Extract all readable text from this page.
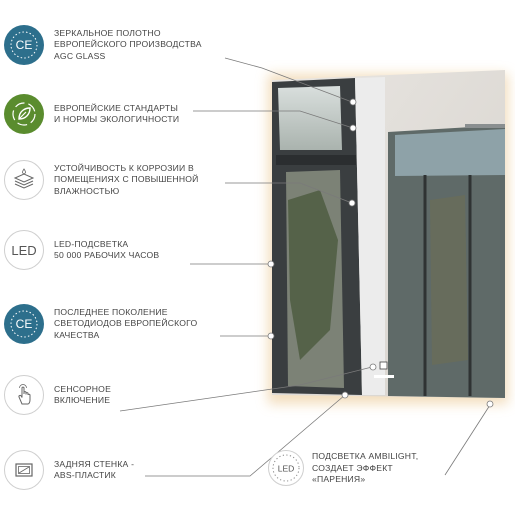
CE
ЗЕРКАЛЬНОЕ ПОЛОТНО
ЕВРОПЕЙСКОГО ПРОИЗВОДСТВА
AGC GLASS
ЕВРОПЕЙСКИЕ СТАНДАРТЫ
И НОРМЫ ЭКОЛОГИЧНОСТИ
УСТОЙЧИВОСТЬ К КОРРОЗИИ В
ПОМЕЩЕНИЯХ С ПОВЫШЕННОЙ
ВЛАЖНОСТЬЮ
LED LED-ПОДСВЕТКА
50 000 РАБОЧИХ ЧАСОВ
CE
ПОСЛЕДНЕЕ ПОКОЛЕНИЕ
СВЕТОДИОДОВ ЕВРОПЕЙСКОГО
КАЧЕСТВА
СЕНСОРНОЕ
ВКЛЮЧЕНИЕ
ЗАДНЯЯ СТЕНКА -
ABS-ПЛАСТИК
LED
ПОДСВЕТКА AMBILIGHT,
СОЗДАЕТ ЭФФЕКТ
«ПАРЕНИЯ»
